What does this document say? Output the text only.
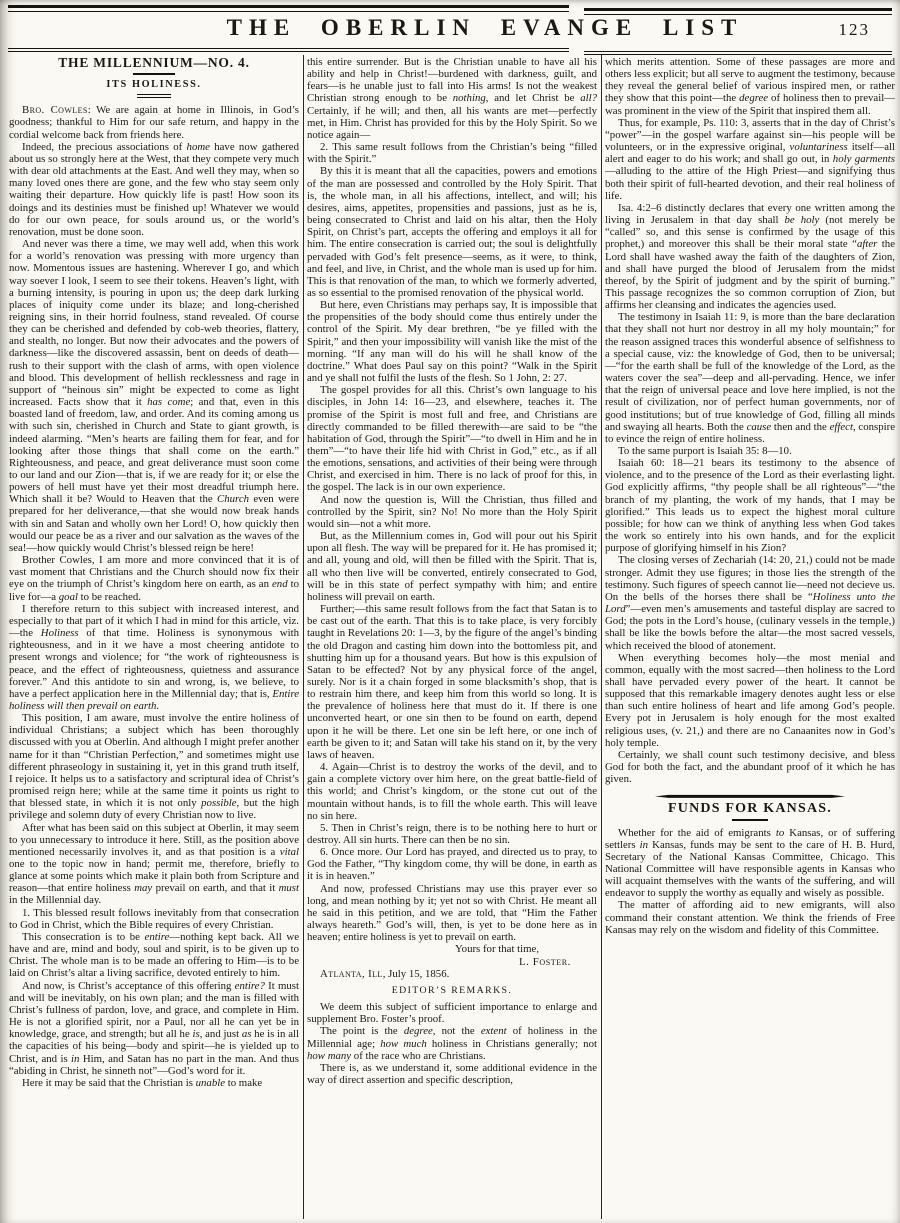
THE OBERLIN EVANGE LIST	123
THE MILLENNIUM—NO. 4.
ITS HOLINESS.

Bro. Cowles: We are again at home in Illinois, in God’s goodness; thankful to Him for our safe return, and happy in the cordial welcome back from friends here.

Indeed, the precious associations of home have now gathered about us so strongly here at the West, that they compete very much with dear old attachments at the East. And well they may, when so many loved ones there are gone, and the few who stay seem only waiting their departure. How quickly life is past! How soon its doings and its destinies must be finished up! Whatever we would do for our own peace, for souls around us, or the world’s renovation, must be done soon.

And never was there a time, we may well add, when this work for a world’s renovation was pressing with more urgency than now. Momentous issues are hastening. Wherever I go, and which way soever I look, I seem to see their tokens. Heaven’s light, with a burning intensity, is pouring in upon us; the deep dark lurking places of iniquity come under its blaze; and long-cherished reigning sins, in their horrid foulness, stand revealed. Of course they can be cherished and defended by cob-web theories, flattery, and stealth, no longer. But now their advocates and the powers of darkness—like the discovered assassin, bent on deeds of death—rush to their support with the clash of arms, with open violence and blood. This development of hellish recklessness and rage in support of “heinous sin” might be expected to come as light increased. Facts show that it has come; and that, even in this boasted land of freedom, law, and order. And its coming among us with such sin, cherished in Church and State to giant growth, is indeed alarming. “Men’s hearts are failing them for fear, and for looking after those things that shall come on the earth.” Righteousness, and peace, and great deliverance must soon come to our land and our Zion—that is, if we are ready for it; or else the powers of hell must have yet their most dreadful triumph here. Which shall it be? Would to Heaven that the Church even were prepared for her deliverance,—that she would now break hands with sin and Satan and wholly own her Lord! O, how quickly then would our peace be as a river and our salvation as the waves of the sea!—how quickly would Christ’s blessed reign be here!

Brother Cowles, I am more and more convinced that it is of vast moment that Christians and the Church should now fix their eye on the triumph of Christ’s kingdom here on earth, as an end to live for—a goal to be reached.

I therefore return to this subject with increased interest, and especially to that part of it which I had in mind for this article, viz.—the Holiness of that time. Holiness is synonymous with righteousness, and in it we have a most cheering antidote to present wrongs and violence; for “the work of righteousness is peace, and the effect of righteousness, quietness and assurance forever.” And this antidote to sin and wrong, is, we believe, to have a perfect application here in the Millennial day; that is, Entire holiness will then prevail on earth.

This position, I am aware, must involve the entire holiness of individual Christians; a subject which has been thoroughly discussed with you at Oberlin. And although I might prefer another name for it than “Christian Perfection,” and sometimes might use different phraseology in sustaining it, yet in this grand truth itself, I rejoice. It helps us to a satisfactory and scriptural idea of Christ’s promised reign here; while at the same time it points us right to that blessed state, in which it is not only possible, but the high privilege and solemn duty of every Christian now to live.

After what has been said on this subject at Oberlin, it may seem to you unnecessary to introduce it here. Still, as the position above mentioned necessarily involves it, and as that position is a vital one to the topic now in hand; permit me, therefore, briefly to glance at some points which make it plain both from Scripture and reason—that entire holiness may prevail on earth, and that it must in the Millennial day.

1. This blessed result follows inevitably from that consecration to God in Christ, which the Bible requires of every Christian.

This consecration is to be entire—nothing kept back. All we have and are, mind and body, soul and spirit, is to be given up to Christ. The whole man is to be made an offering to Him—is to be laid on Christ’s altar a living sacrifice, devoted entirely to him.

And now, is Christ’s acceptance of this offering entire? It must and will be inevitably, on his own plan; and the man is filled with Christ’s fullness of pardon, love, and grace, and complete in Him. He is not a glorified spirit, nor a Paul, nor all he can yet be in knowledge, grace, and strength; but all he is, and just as he is in all the capacities of his being—body and spirit—he is yielded up to Christ, and is in Him, and Satan has no part in the man. And thus “abiding in Christ, he sinneth not”—God’s word for it.

Here it may be said that the Christian is unable to make

this entire surrender. But is the Christian unable to have all his ability and help in Christ!—burdened with darkness, guilt, and fears—is he unable just to fall into His arms! Is not the weakest Christian strong enough to be nothing, and let Christ be all? Certainly, if he will; and then, all his wants are met—perfectly met, in Him. Christ has provided for this by the Holy Spirit. So we notice again—

2. This same result follows from the Christian’s being “filled with the Spirit.”

By this it is meant that all the capacities, powers and emotions of the man are possessed and controlled by the Holy Spirit. That is, the whole man, in all his affections, intellect, and will; his desires, aims, appetites, propensities and passions, just as he is, being consecrated to Christ and laid on his altar, then the Holy Spirit, on Christ’s part, accepts the offering and employs it all for him. The entire consecration is carried out; the soul is delightfully pervaded with God’s felt presence—seems, as it were, to think, and feel, and live, in Christ, and the whole man is used up for him. This is that renovation of the man, to which we formerly adverted, as so essential to the promised renovation of the physical world.

But here, even Christians may perhaps say, It is impossible that the propensities of the body should come thus entirely under the control of the Spirit. My dear brethren, “be ye filled with the Spirit,” and then your impossibility will vanish like the mist of the morning. “If any man will do his will he shall know of the doctrine.” What does Paul say on this point? “Walk in the Spirit and ye shall not fulfil the lusts of the flesh. So 1 John, 2: 27.

The gospel provides for all this. Christ’s own language to his disciples, in John 14: 16—23, and elsewhere, teaches it. The promise of the Spirit is most full and free, and Christians are directly commanded to be filled therewith—are said to be “the habitation of God, through the Spirit”—“to dwell in Him and he in them”—“to have their life hid with Christ in God,” etc., as if all the emotions, sensations, and activities of their being were through Christ, and exercised in him. There is no lack of proof for this, in the gospel. The lack is in our own experience.

And now the question is, Will the Christian, thus filled and controlled by the Spirit, sin? No! No more than the Holy Spirit would sin—not a whit more.

But, as the Millennium comes in, God will pour out his Spirit upon all flesh. The way will be prepared for it. He has promised it; and all, young and old, will then be filled with the Spirit. That is, all who then live will be converted, entirely consecrated to God, will be in this state of perfect sympathy with him; and entire holiness will prevail on earth.

Further;—this same result follows from the fact that Satan is to be cast out of the earth. That this is to take place, is very forcibly taught in Revelations 20: 1—3, by the figure of the angel’s binding the old Dragon and casting him down into the bottomless pit, and shutting him up for a thousand years. But how is this expulsion of Satan to be effected? Not by any physical force of the angel, surely. Nor is it a chain forged in some blacksmith’s shop, that is to restrain him there, and keep him from this world so long. It is the prevalence of holiness here that must do it. If there is one unconverted heart, or one sin then to be found on earth, depend upon it he will be there. Let one sin be left here, or one inch of earth be given to it; and Satan will take his stand on it, by the very laws of heaven.

4. Again—Christ is to destroy the works of the devil, and to gain a complete victory over him here, on the great battle-field of this world; and Christ’s kingdom, or the stone cut out of the mountain without hands, is to fill the whole earth. This will leave no sin here.

5. Then in Christ’s reign, there is to be nothing here to hurt or destroy. All sin hurts. There can then be no sin.

6. Once more. Our Lord has prayed, and directed us to pray, to God the Father, “Thy kingdom come, thy will be done, in earth as it is in heaven.”

And now, professed Christians may use this prayer ever so long, and mean nothing by it; yet not so with Christ. He meant all he said in this petition, and we are told, that “Him the Father always heareth.” God’s will, then, is yet to be done here as in heaven; entire holiness is yet to prevail on earth.

Yours for that time,
L. Foster.

Atlanta, Ill, July 15, 1856.

EDITOR’S REMARKS.

We deem this subject of sufficient importance to enlarge and supplement Bro. Foster’s proof.

The point is the degree, not the extent of holiness in the Millennial age; how much holiness in Christians generally; not how many of the race who are Christians.

There is, as we understand it, some additional evidence in the way of direct assertion and specific description,

which merits attention. Some of these passages are more and others less explicit; but all serve to augment the testimony, because they reveal the general belief of various inspired men, or rather they show that this point—the degree of holiness then to prevail—was prominent in the view of the Spirit that inspired them all.

Thus, for example, Ps. 110: 3, asserts that in the day of Christ’s “power”—in the gospel warfare against sin—his people will be volunteers, or in the expressive original, voluntariness itself—all alert and eager to do his work; and shall go out, in holy garments—alluding to the attire of the High Priest—and signifying thus both their spirit of full-hearted devotion, and their real holiness of life.

Isa. 4:2–6 distinctly declares that every one written among the living in Jerusalem in that day shall be holy (not merely be “called” so, and this sense is confirmed by the usage of this prophet,) and moreover this shall be their moral state “after the Lord shall have washed away the faith of the daughters of Zion, and shall have purged the blood of Jerusalem from the midst thereof, by the Spirit of judgment and by the spirit of burning.” This passage recognizes the so common corruption of Zion, but affirms her cleansing and indicates the agencies used.

The testimony in Isaiah 11: 9, is more than the bare declaration that they shall not hurt nor destroy in all my holy mountain;” for the reason assigned traces this wonderful absence of selfishness to a special cause, viz: the knowledge of God, then to be universal;—“for the earth shall be full of the knowledge of the Lord, as the waters cover the sea”—deep and all-pervading. Hence, we infer that the reign of universal peace and love here implied, is not the result of civilization, nor of perfect human governments, nor of good institutions; but of true knowledge of God, filling all minds and swaying all hearts. Both the cause then and the effect, conspire to evince the reign of entire holiness.

To the same purport is Isaiah 35: 8—10.

Isaiah 60: 18—21 bears its testimony to the absence of violence, and to the presence of the Lord as their everlasting light. God explicitly affirms, “thy people shall be all righteous”—“the branch of my planting, the work of my hands, that I may be glorified.” This leads us to expect the highest moral culture possible; for how can we think of anything less when God takes the work so entirely into his own hands, and for the explicit purpose of glorifying himself in his Zion?

The closing verses of Zechariah (14: 20, 21,) could not be made stronger. Admit they use figures; in those lies the strength of the testimony. Such figures of speech cannot lie—need not decieve us. On the bells of the horses there shall be “Holiness unto the Lord”—even men’s amusements and tasteful display are sacred to God; the pots in the Lord’s house, (culinary vessels in the temple,) shall be like the bowls before the altar—the most sacred vessels, which received the blood of atonement.

When everything becomes holy—the most menial and common, equally with the most sacred—then holiness to the Lord shall have pervaded every power of the heart. It cannot be supposed that this remarkable imagery denotes aught less or else than such entire holiness of heart and life among God’s people. Every pot in Jerusalem is holy enough for the most exalted religious uses, (v. 21,) and there are no Canaanites now in God’s holy temple.

Certainly, we shall count such testimony decisive, and bless God for both the fact, and the abundant proof of it which he has given.

FUNDS FOR KANSAS.

Whether for the aid of emigrants to Kansas, or of suffering settlers in Kansas, funds may be sent to the care of H. B. Hurd, Secretary of the National Kansas Committee, Chicago. This National Committee will have responsible agents in Kansas who will acquaint themselves with the wants of the suffering, and will endeavor to supply the worthy as equally and wisely as possible.

The matter of affording aid to new emigrants, will also command their constant attention. We think the friends of Free Kansas may rely on the wisdom and fidelity of this Committee.
